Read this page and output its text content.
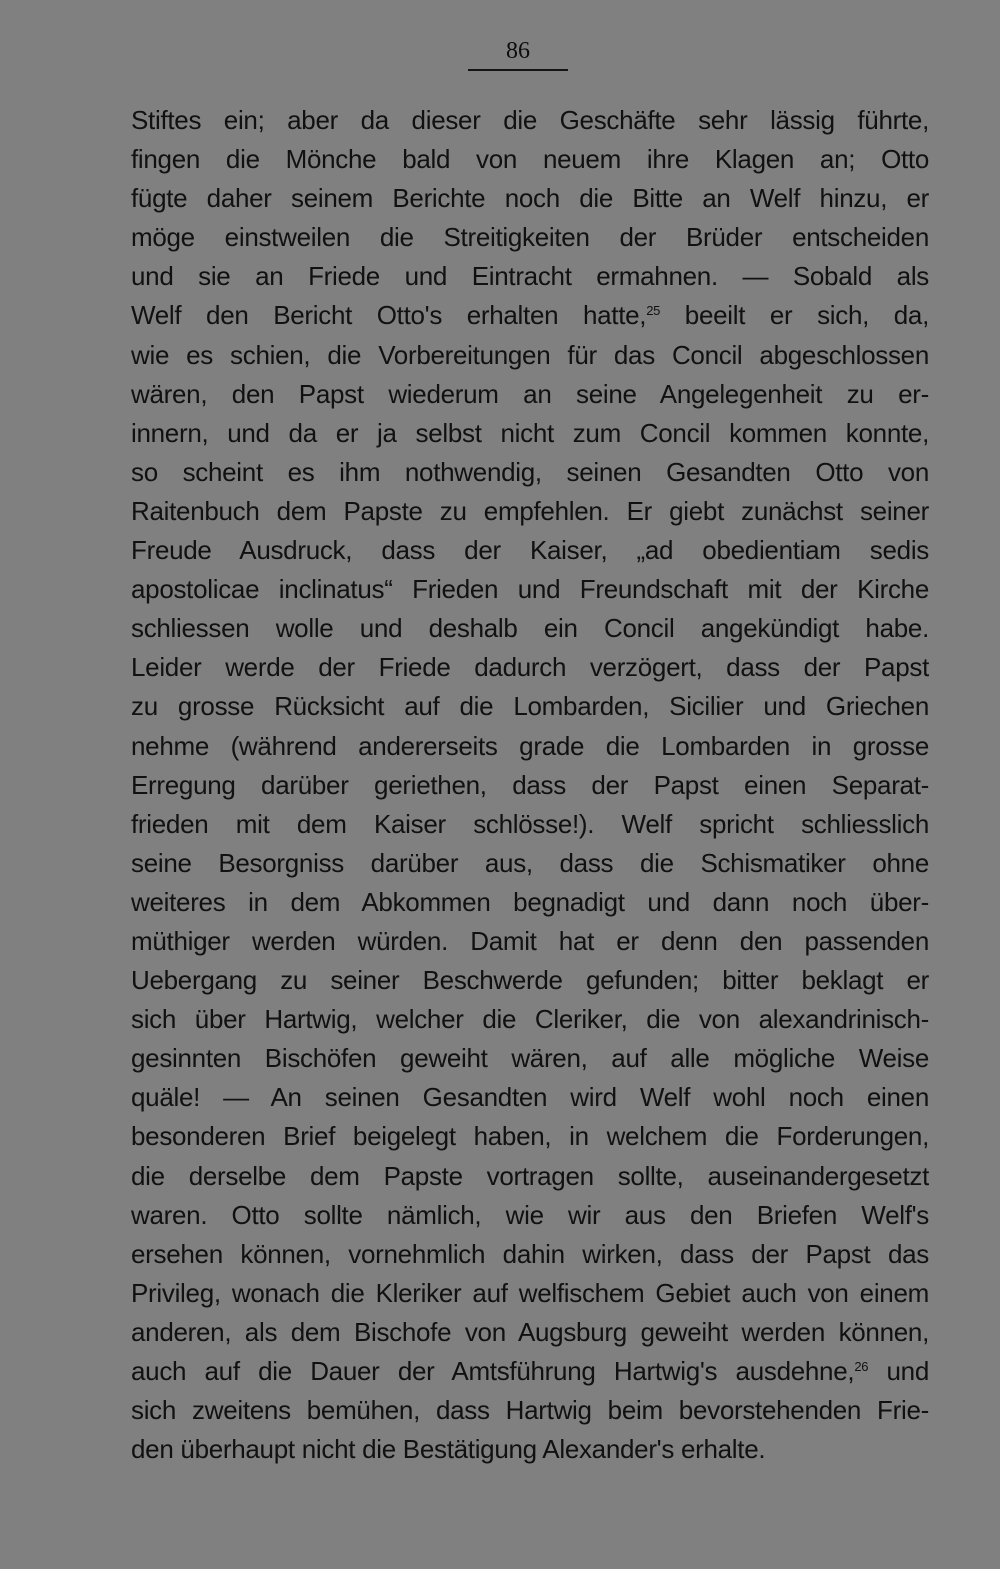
86
Stiftes ein; aber da dieser die Geschäfte sehr lässig führte,
fingen die Mönche bald von neuem ihre Klagen an; Otto
fügte daher seinem Berichte noch die Bitte an Welf hinzu, er
möge einstweilen die Streitigkeiten der Brüder entscheiden
und sie an Friede und Eintracht ermahnen. — Sobald als
Welf den Bericht Otto's erhalten hatte,$^{25}$ beeilt er sich, da,
wie es schien, die Vorbereitungen für das Concil abgeschlossen
wären, den Papst wiederum an seine Angelegenheit zu er-
innern, und da er ja selbst nicht zum Concil kommen konnte,
so scheint es ihm nothwendig, seinen Gesandten Otto von
Raitenbuch dem Papste zu empfehlen. Er giebt zunächst seiner
Freude Ausdruck, dass der Kaiser, „ad obedientiam sedis
apostolicae inclinatus“ Frieden und Freundschaft mit der Kirche
schliessen wolle und deshalb ein Concil angekündigt habe.
Leider werde der Friede dadurch verzögert, dass der Papst
zu grosse Rücksicht auf die Lombarden, Sicilier und Griechen
nehme (während andererseits grade die Lombarden in grosse
Erregung darüber geriethen, dass der Papst einen Separat-
frieden mit dem Kaiser schlösse!). Welf spricht schliesslich
seine Besorgniss darüber aus, dass die Schismatiker ohne
weiteres in dem Abkommen begnadigt und dann noch über-
müthiger werden würden. Damit hat er denn den passenden
Uebergang zu seiner Beschwerde gefunden; bitter beklagt er
sich über Hartwig, welcher die Cleriker, die von alexandrinisch-
gesinnten Bischöfen geweiht wären, auf alle mögliche Weise
quäle! — An seinen Gesandten wird Welf wohl noch einen
besonderen Brief beigelegt haben, in welchem die Forderungen,
die derselbe dem Papste vortragen sollte, auseinandergesetzt
waren. Otto sollte nämlich, wie wir aus den Briefen Welf's
ersehen können, vornehmlich dahin wirken, dass der Papst das
Privileg, wonach die Kleriker auf welfischem Gebiet auch von einem
anderen, als dem Bischofe von Augsburg geweiht werden können,
auch auf die Dauer der Amtsführung Hartwig's ausdehne,$^{26}$ und
sich zweitens bemühen, dass Hartwig beim bevorstehenden Frie-
den überhaupt nicht die Bestätigung Alexander's erhalte.
